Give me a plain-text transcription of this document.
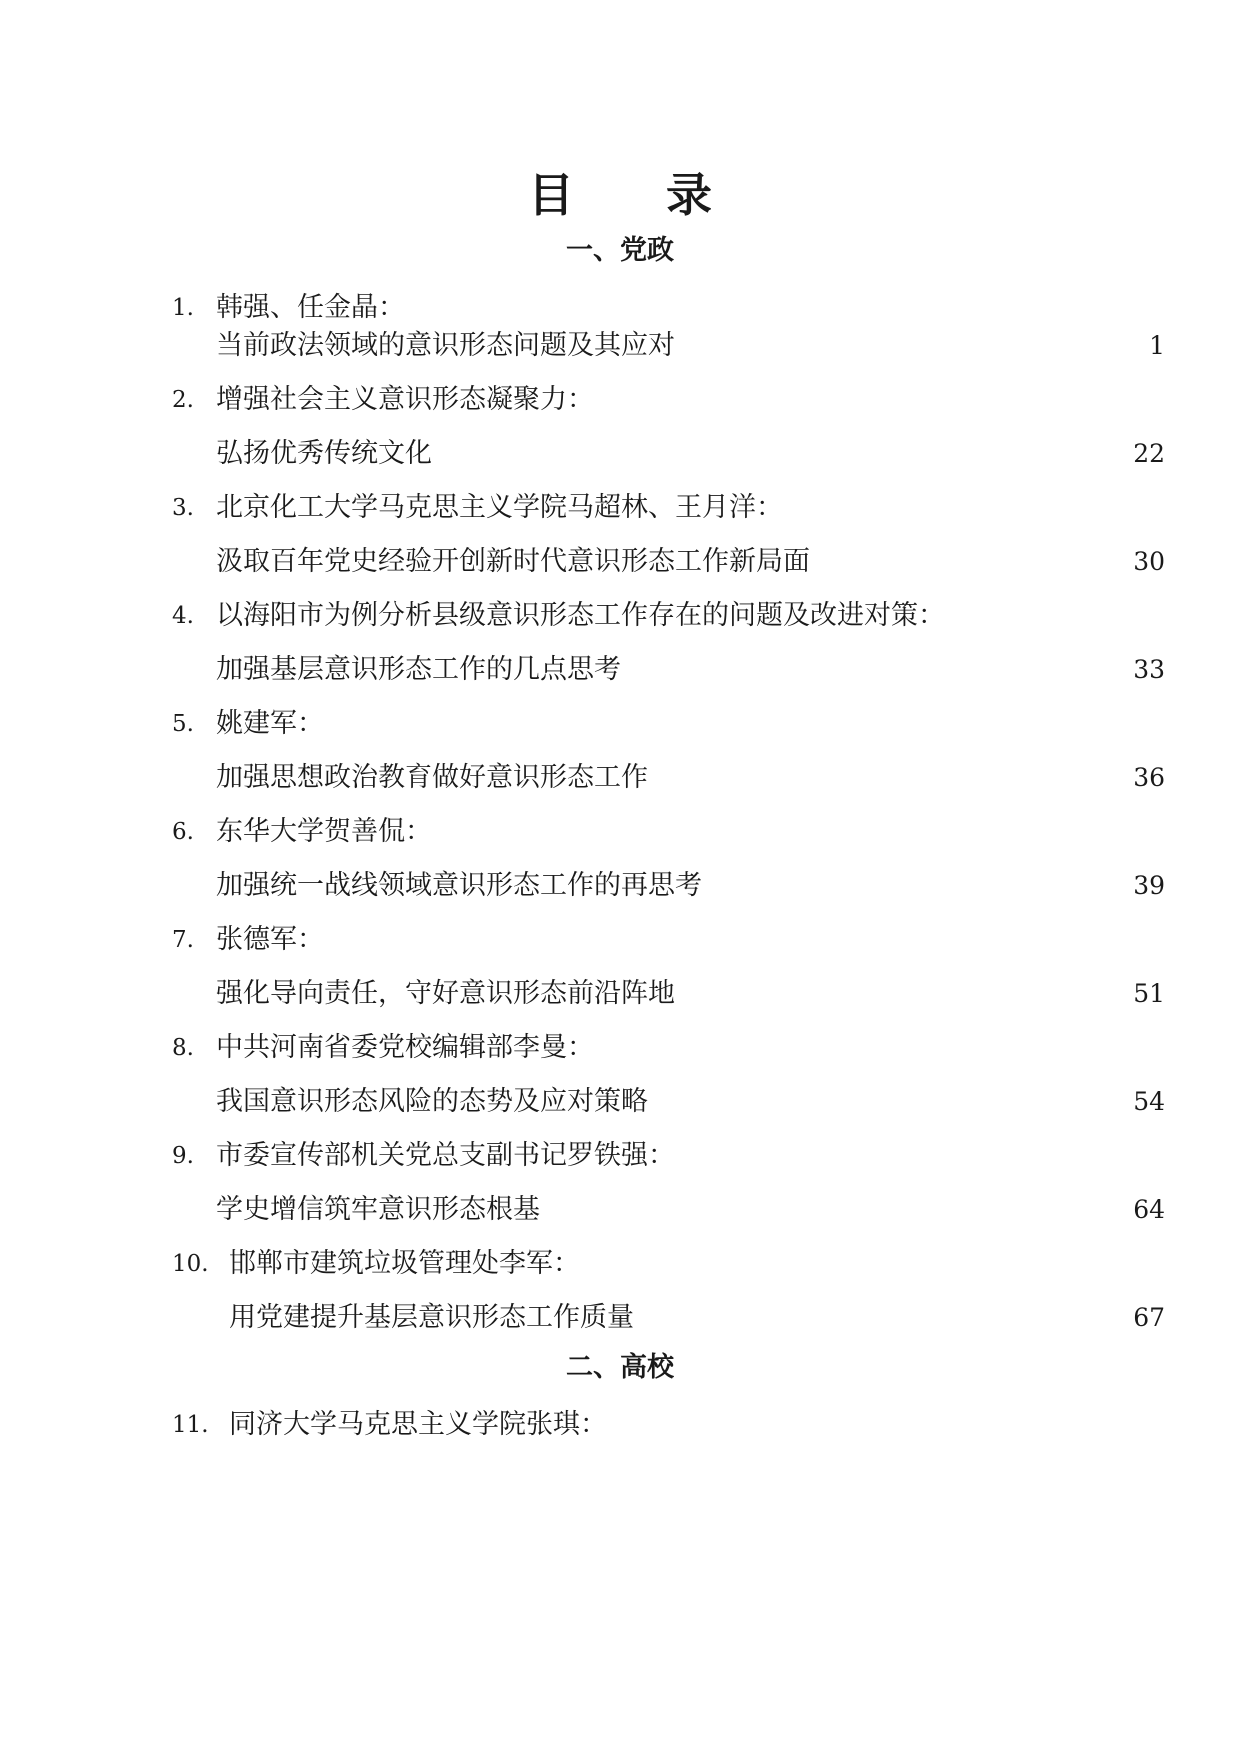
目 录
一、党政
1. 韩强、任金晶：
当前政法领域的意识形态问题及其应对	1
2. 增强社会主义意识形态凝聚力：
弘扬优秀传统文化	22
3. 北京化工大学马克思主义学院马超林、王月洋：
汲取百年党史经验开创新时代意识形态工作新局面	30
4. 以海阳市为例分析县级意识形态工作存在的问题及改进对策：
加强基层意识形态工作的几点思考	33
5. 姚建军：
加强思想政治教育做好意识形态工作	36
6. 东华大学贺善侃：
加强统一战线领域意识形态工作的再思考	39
7. 张德军：
强化导向责任，守好意识形态前沿阵地	51
8. 中共河南省委党校编辑部李曼：
我国意识形态风险的态势及应对策略	54
9. 市委宣传部机关党总支副书记罗铁强：
学史增信筑牢意识形态根基	64
10. 邯郸市建筑垃圾管理处李军：
用党建提升基层意识形态工作质量	67
二、高校
11. 同济大学马克思主义学院张琪：
